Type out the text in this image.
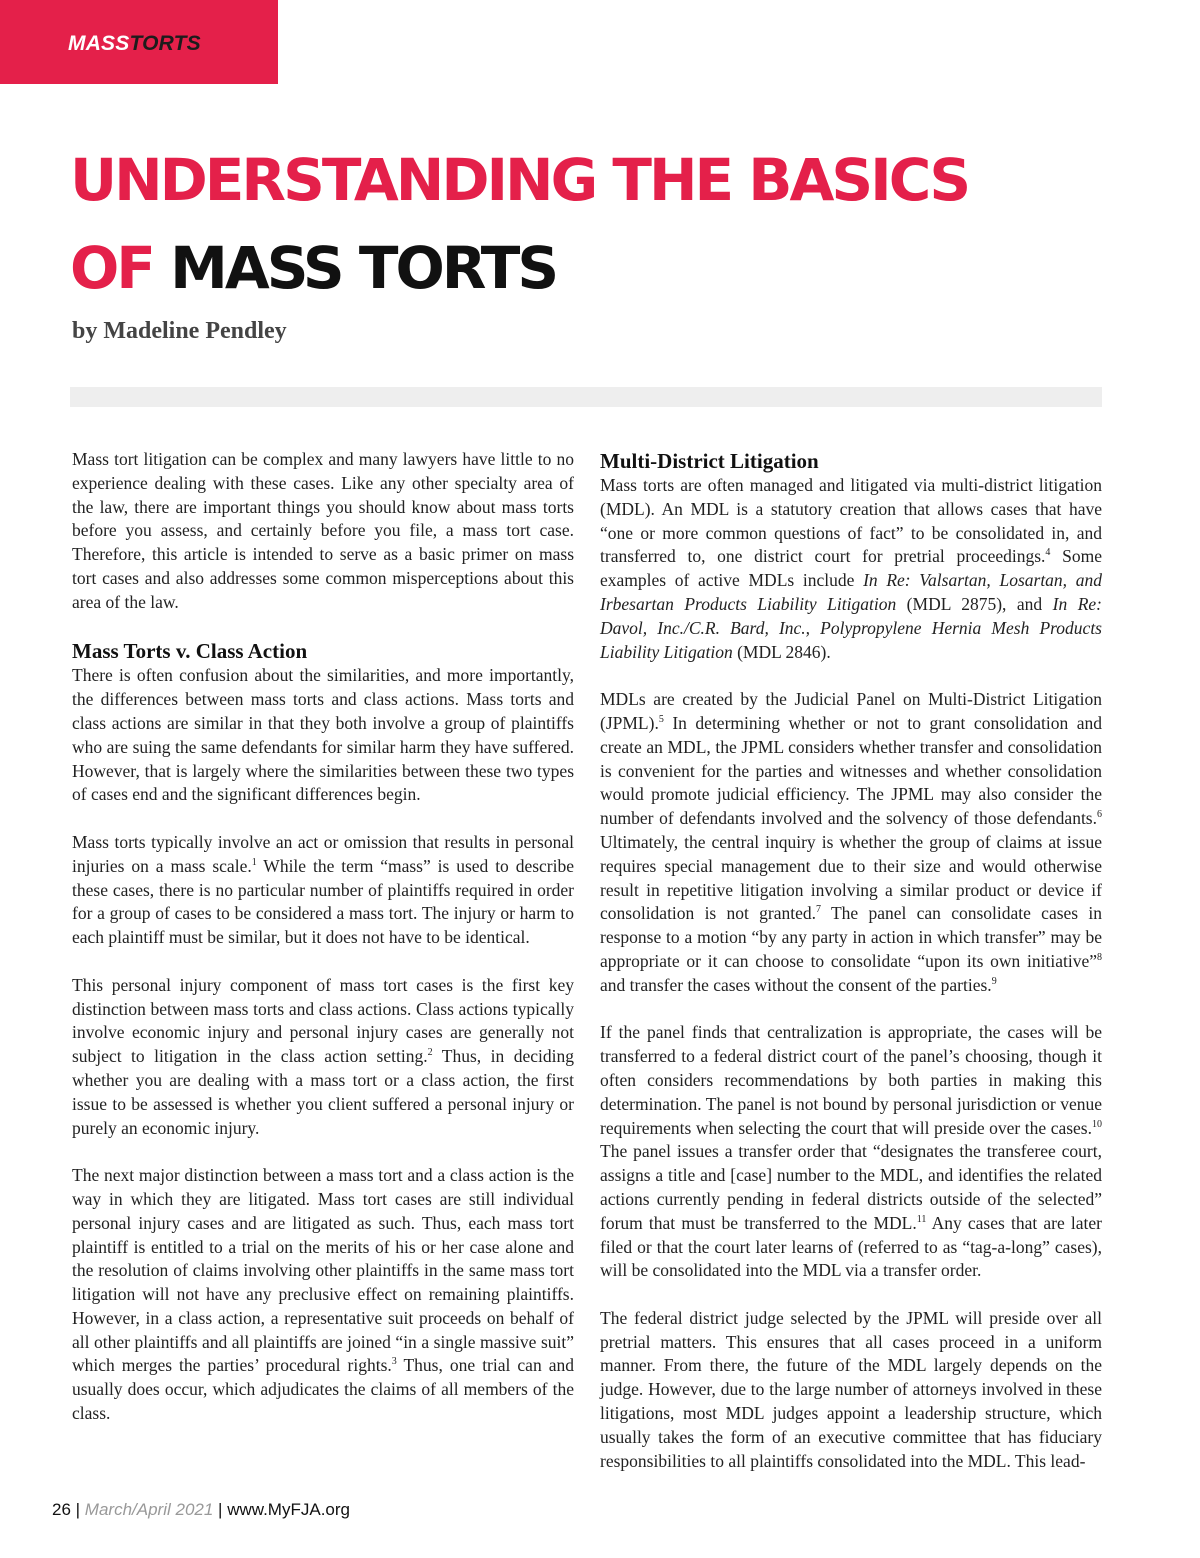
MASSTORTS
UNDERSTANDING THE BASICS
OF MASS TORTS
by Madeline Pendley

Mass tort litigation can be complex and many lawyers have little to no experience dealing with these cases. Like any other specialty area of the law, there are important things you should know about mass torts before you assess, and certainly before you file, a mass tort case. Therefore, this article is intended to serve as a basic primer on mass tort cases and also addresses some common misperceptions about this area of the law.

Mass Torts v. Class Action

There is often confusion about the similarities, and more importantly, the differences between mass torts and class actions. Mass torts and class actions are similar in that they both involve a group of plaintiffs who are suing the same defendants for similar harm they have suffered. However, that is largely where the similarities between these two types of cases end and the significant differences begin.

Mass torts typically involve an act or omission that results in personal injuries on a mass scale.$^1$ While the term “mass” is used to describe these cases, there is no particular number of plaintiffs required in order for a group of cases to be considered a mass tort. The injury or harm to each plaintiff must be similar, but it does not have to be identical.

This personal injury component of mass tort cases is the first key distinction between mass torts and class actions. Class actions typically involve economic injury and personal injury cases are generally not subject to litigation in the class action setting.$^2$ Thus, in deciding whether you are dealing with a mass tort or a class action, the first issue to be assessed is whether you client suffered a personal injury or purely an economic injury.

The next major distinction between a mass tort and a class action is the way in which they are litigated. Mass tort cases are still individual personal injury cases and are litigated as such. Thus, each mass tort plaintiff is entitled to a trial on the merits of his or her case alone and the resolution of claims involving other plaintiffs in the same mass tort litigation will not have any preclusive effect on remaining plaintiffs. However, in a class action, a representative suit proceeds on behalf of all other plaintiffs and all plaintiffs are joined “in a single massive suit” which merges the parties’ procedural rights.$^3$ Thus, one trial can and usually does occur, which adjudicates the claims of all members of the class.

Multi-District Litigation

Mass torts are often managed and litigated via multi-district litigation (MDL). An MDL is a statutory creation that allows cases that have “one or more common questions of fact” to be consolidated in, and transferred to, one district court for pretrial proceedings.$^4$ Some examples of active MDLs include In Re: Valsartan, Losartan, and Irbesartan Products Liability Litigation (MDL 2875), and In Re: Davol, Inc./C.R. Bard, Inc., Polypropylene Hernia Mesh Products Liability Litigation (MDL 2846).

MDLs are created by the Judicial Panel on Multi-District Litigation (JPML).$^5$ In determining whether or not to grant consolidation and create an MDL, the JPML considers whether transfer and consolidation is convenient for the parties and witnesses and whether consolidation would promote judicial efficiency. The JPML may also consider the number of defendants involved and the solvency of those defendants.$^6$ Ultimately, the central inquiry is whether the group of claims at issue requires special management due to their size and would otherwise result in repetitive litigation involving a similar product or device if consolidation is not granted.$^7$ The panel can consolidate cases in response to a motion “by any party in action in which transfer” may be appropriate or it can choose to consolidate “upon its own initiative”$^8$ and transfer the cases without the consent of the parties.$^9$

If the panel finds that centralization is appropriate, the cases will be transferred to a federal district court of the panel’s choosing, though it often considers recommendations by both parties in making this determination. The panel is not bound by personal jurisdiction or venue requirements when selecting the court that will preside over the cases.$^{10}$ The panel issues a transfer order that “designates the transferee court, assigns a title and [case] number to the MDL, and identifies the related actions currently pending in federal districts outside of the selected” forum that must be transferred to the MDL.$^{11}$ Any cases that are later filed or that the court later learns of (referred to as “tag-a-long” cases), will be consolidated into the MDL via a transfer order.

The federal district judge selected by the JPML will preside over all pretrial matters. This ensures that all cases proceed in a uniform manner. From there, the future of the MDL largely depends on the judge. However, due to the large number of attorneys involved in these litigations, most MDL judges appoint a leadership structure, which usually takes the form of an executive committee that has fiduciary responsibilities to all plaintiffs consolidated into the MDL. This lead-

26 | March/April 2021 | www.MyFJA.org
